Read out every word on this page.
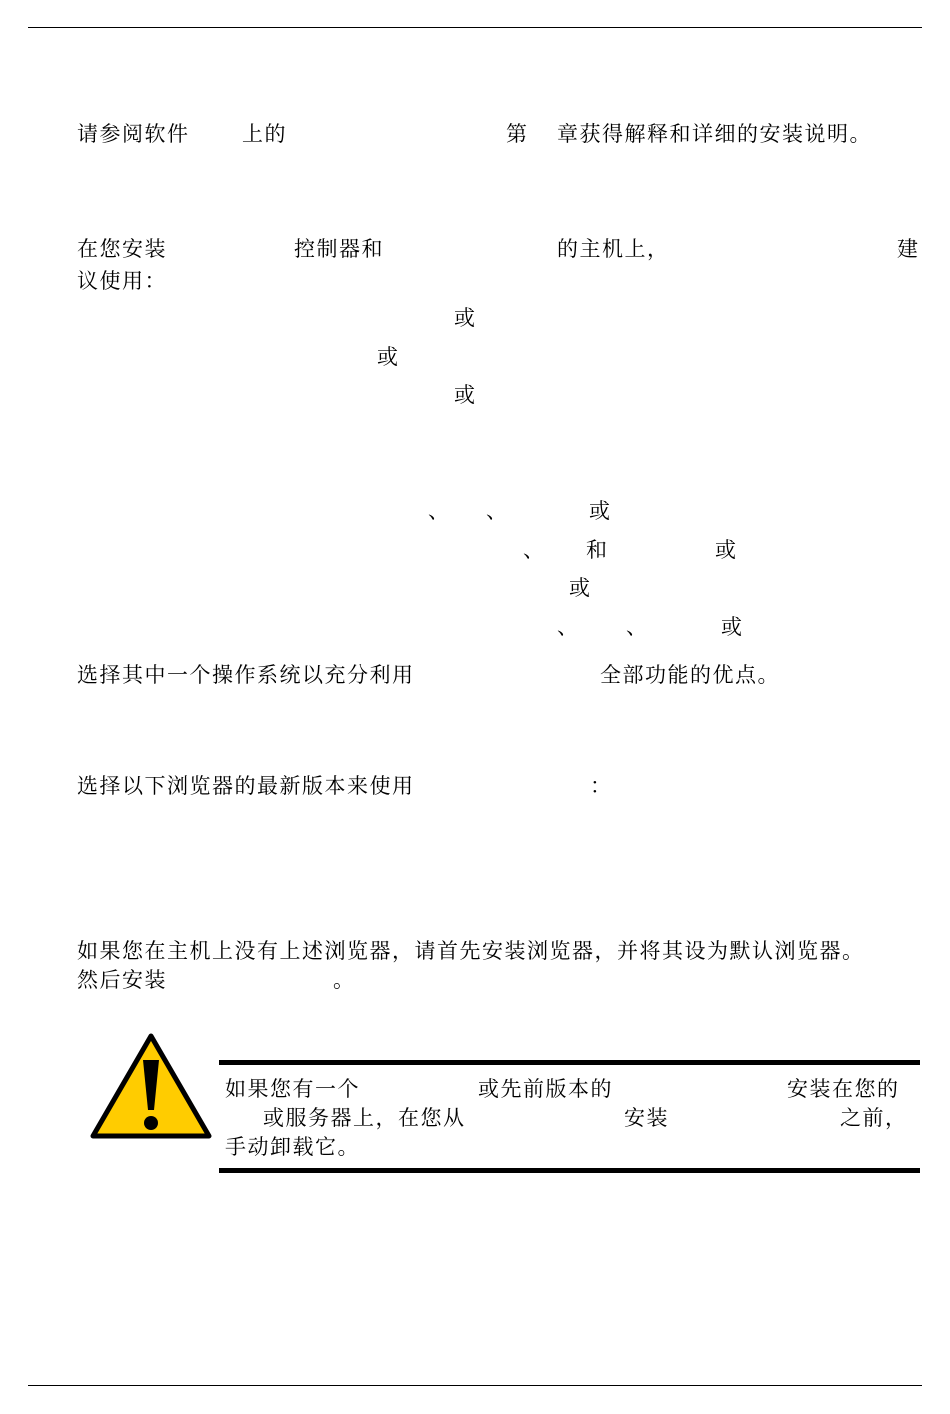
请参阅软件	上的	第 章获得解释和详细的安装说明。
在您安装	控制器和	的主机上，	建
议使用：
或
或
或
、 、	或
、 和	或
或
、 、	或
选择其中一个操作系统以充分利用	全部功能的优点。
选择以下浏览器的最新版本来使用	：
如果您在主机上没有上述浏览器，请首先安装浏览器，并将其设为默认浏览器。
然后安装	。
如果您有一个	或先前版本的	安装在您的
或服务器上，在您从	安装	之前，
手动卸载它。
